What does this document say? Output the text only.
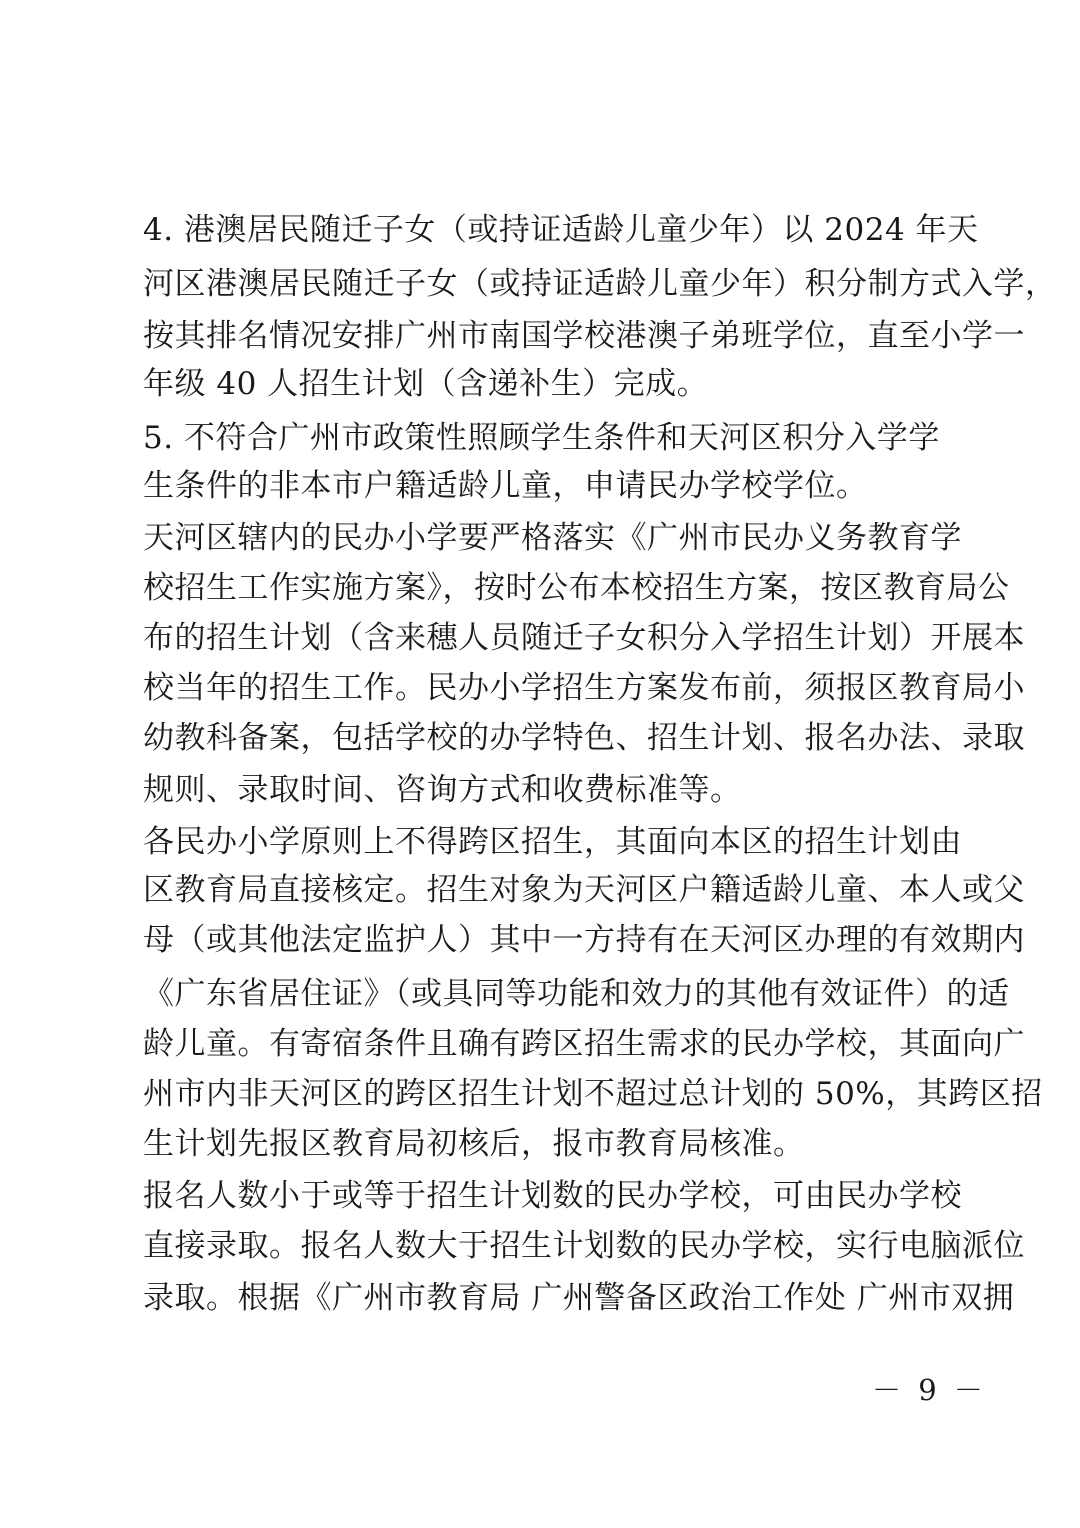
4. 港澳居民随迁子女（或持证适龄儿童少年）以 2024 年天
河区港澳居民随迁子女（或持证适龄儿童少年）积分制方式入学，
按其排名情况安排广州市南国学校港澳子弟班学位，直至小学一
年级 40 人招生计划（含递补生）完成。
5. 不符合广州市政策性照顾学生条件和天河区积分入学学
生条件的非本市户籍适龄儿童，申请民办学校学位。
天河区辖内的民办小学要严格落实《广州市民办义务教育学
校招生工作实施方案》，按时公布本校招生方案，按区教育局公
布的招生计划（含来穗人员随迁子女积分入学招生计划）开展本
校当年的招生工作。民办小学招生方案发布前，须报区教育局小
幼教科备案，包括学校的办学特色、招生计划、报名办法、录取
规则、录取时间、咨询方式和收费标准等。
各民办小学原则上不得跨区招生，其面向本区的招生计划由
区教育局直接核定。招生对象为天河区户籍适龄儿童、本人或父
母（或其他法定监护人）其中一方持有在天河区办理的有效期内
《广东省居住证》（或具同等功能和效力的其他有效证件）的适
龄儿童。有寄宿条件且确有跨区招生需求的民办学校，其面向广
州市内非天河区的跨区招生计划不超过总计划的 50%，其跨区招
生计划先报区教育局初核后，报市教育局核准。
报名人数小于或等于招生计划数的民办学校，可由民办学校
直接录取。报名人数大于招生计划数的民办学校，实行电脑派位
录取。根据《广州市教育局 广州警备区政治工作处 广州市双拥
－ 9 －
